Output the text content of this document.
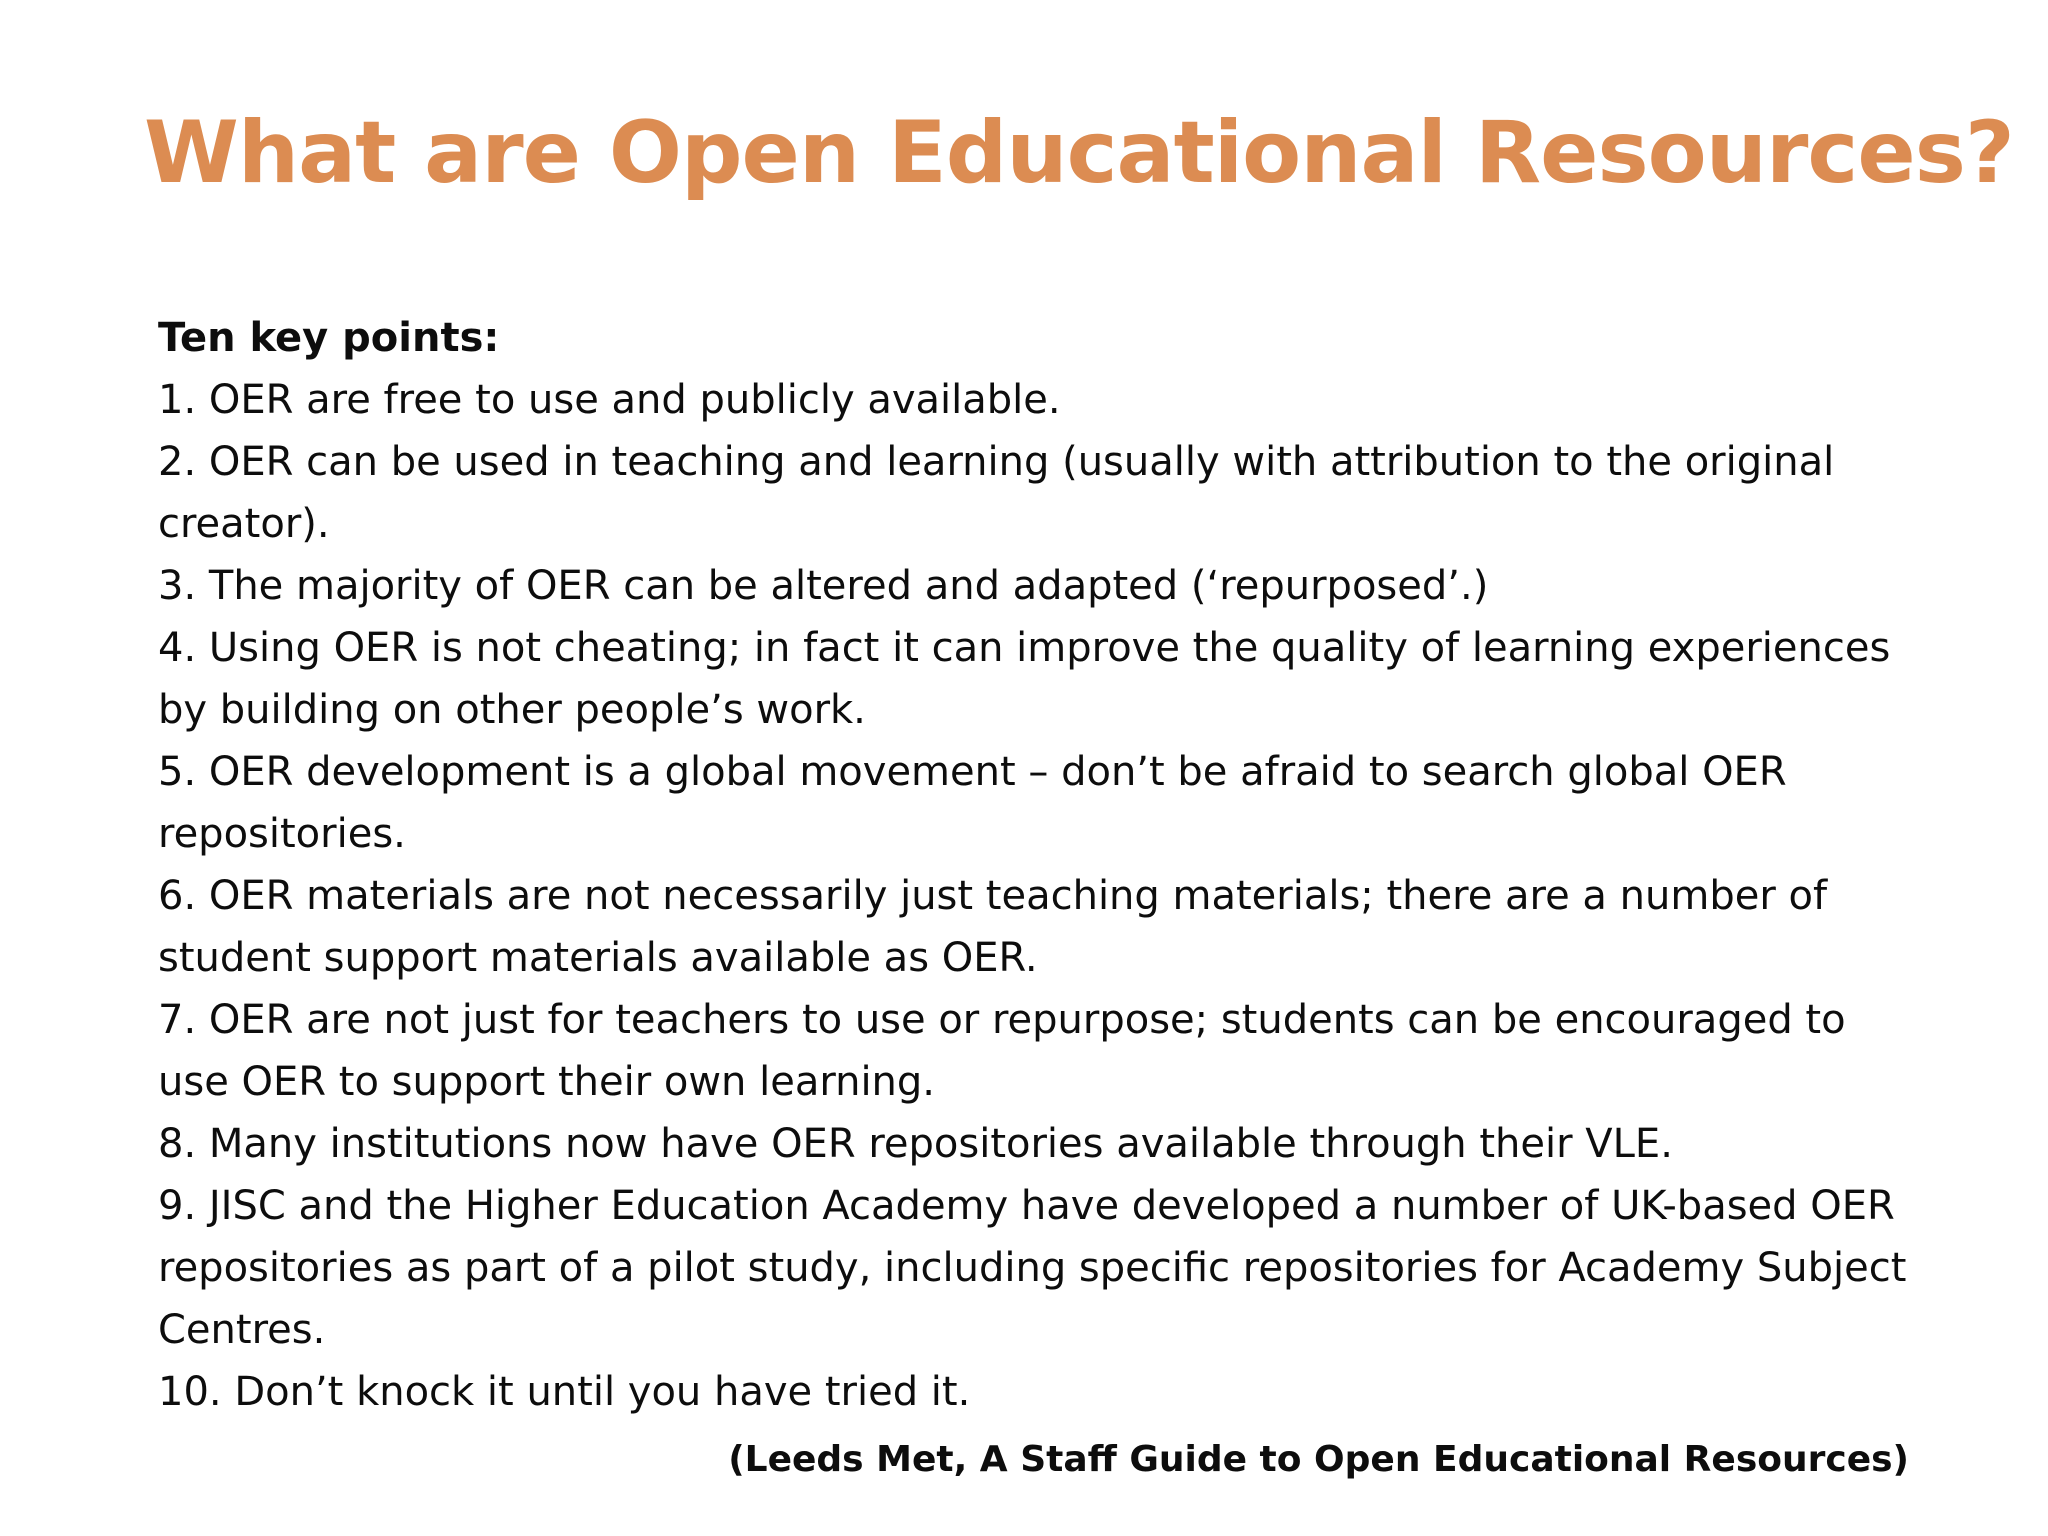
What are Open Educational Resources?

Ten key points:

1. OER are free to use and publicly available.

2. OER can be used in teaching and learning (usually with attribution to the original creator).

3. The majority of OER can be altered and adapted (‘repurposed’.)

4. Using OER is not cheating; in fact it can improve the quality of learning experiences by building on other people’s work.

5. OER development is a global movement – don’t be afraid to search global OER repositories.

6. OER materials are not necessarily just teaching materials; there are a number of student support materials available as OER.

7. OER are not just for teachers to use or repurpose; students can be encouraged to use OER to support their own learning.

8. Many institutions now have OER repositories available through their VLE.

9. JISC and the Higher Education Academy have developed a number of UK-based OER repositories as part of a pilot study, including specific repositories for Academy Subject Centres.

10. Don’t knock it until you have tried it.

(Leeds Met, A Staff Guide to Open Educational Resources)
